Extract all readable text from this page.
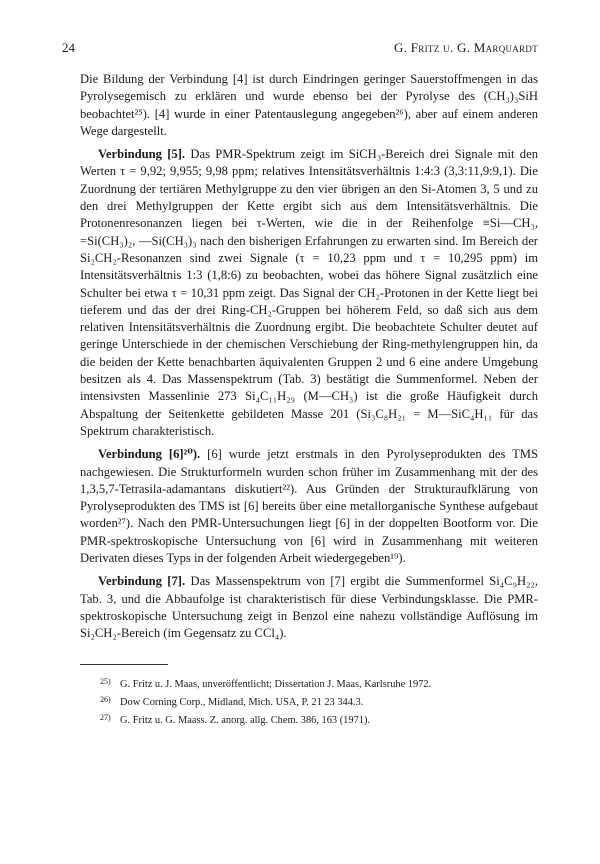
24	G. Fritz u. G. Marquardt

Die Bildung der Verbindung [4] ist durch Eindringen geringer Sauerstoffmengen in das Pyrolysegemisch zu erklären und wurde ebenso bei der Pyrolyse des (CH₃)₃SiH beobachtet²⁵). [4] wurde in einer Patentauslegung angegeben²⁶), aber auf einem anderen Wege dargestellt.

Verbindung [5]. Das PMR-Spektrum zeigt im SiCH₃-Bereich drei Signale mit den Werten τ = 9,92; 9,955; 9,98 ppm; relatives Intensitätsverhältnis 1:4:3 (3,3:11,9:9,1). Die Zuordnung der tertiären Methylgruppe zu den vier übrigen an den Si-Atomen 3, 5 und zu den drei Methylgruppen der Kette ergibt sich aus dem Intensitätsverhältnis. Die Protonenresonanzen liegen bei τ-Werten, wie die in der Reihenfolge ≡Si—CH₃, =Si(CH₃)₂, —Si(CH₃)₃ nach den bisherigen Erfahrungen zu erwarten sind. Im Bereich der Si₂CH₂-Resonanzen sind zwei Signale (τ = 10,23 ppm und τ = 10,295 ppm) im Intensitätsverhältnis 1:3 (1,8:6) zu beobachten, wobei das höhere Signal zusätzlich eine Schulter bei etwa τ = 10,31 ppm zeigt. Das Signal der CH₂-Protonen in der Kette liegt bei tieferem und das der drei Ring-CH₂-Gruppen bei höherem Feld, so daß sich aus dem relativen Intensitätsverhältnis die Zuordnung ergibt. Die beobachtete Schulter deutet auf geringe Unterschiede in der chemischen Verschiebung der Ring-methylengruppen hin, da die beiden der Kette benachbarten äquivalenten Gruppen 2 und 6 eine andere Umgebung besitzen als 4. Das Massenspektrum (Tab. 3) bestätigt die Summenformel. Neben der intensivsten Massenlinie 273 Si₄C₁₁H₂₉ (M—CH₃) ist die große Häufigkeit durch Abspaltung der Seitenkette gebildeten Masse 201 (Si₃C₈H₂₁ = M—SiC₄H₁₁ für das Spektrum charakteristisch.

Verbindung [6]²⁰). [6] wurde jetzt erstmals in den Pyrolyseprodukten des TMS nachgewiesen. Die Strukturformeln wurden schon früher im Zusammenhang mit der des 1,3,5,7-Tetrasila-adamantans diskutiert²²). Aus Gründen der Strukturaufklärung von Pyrolyseprodukten des TMS ist [6] bereits über eine metallorganische Synthese aufgebaut worden²⁷). Nach den PMR-Untersuchungen liegt [6] in der doppelten Bootform vor. Die PMR-spektroskopische Untersuchung von [6] wird in Zusammenhang mit weiteren Derivaten dieses Typs in der folgenden Arbeit wiedergegeben¹⁹).

Verbindung [7]. Das Massenspektrum von [7] ergibt die Summenformel Si₄C₉H₂₂, Tab. 3, und die Abbaufolge ist charakteristisch für diese Verbindungsklasse. Die PMR-spektroskopische Untersuchung zeigt in Benzol eine nahezu vollständige Auflösung im Si₂CH₂-Bereich (im Gegensatz zu CCl₄).

25) G. Fritz u. J. Maas, unveröffentlicht; Dissertation J. Maas, Karlsruhe 1972.
26) Dow Corning Corp., Midland, Mich. USA, P. 21 23 344.3.
27) G. Fritz u. G. Maass. Z. anorg. allg. Chem. 386, 163 (1971).
